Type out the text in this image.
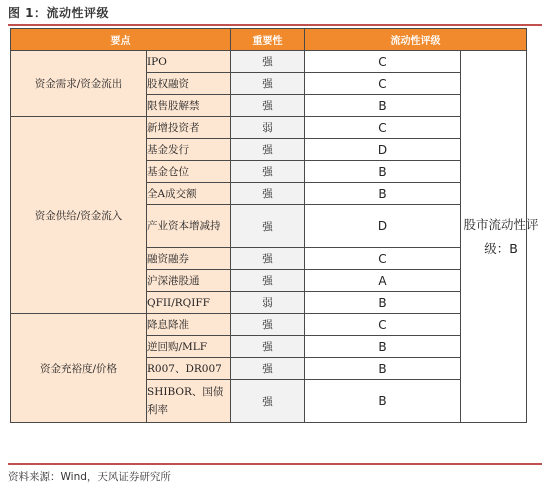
图 1：流动性评级
要点		重要性	流动性评级	
资金需求/资金流出	IPO	强	C	股市流动性评级：B
	股权融资	强	C	
	限售股解禁	强	B	
资金供给/资金流入	新增投资者	弱	C	
	基金发行	强	D	
	基金仓位	强	B	
	全A成交额	强	B	
	产业资本增减持	强	D	
	融资融券	强	C	
	沪深港股通	强	A	
	QFII/RQIFF	弱	B	
资金充裕度/价格	降息降准	强	C	
	逆回购/MLF	强	B	
	R007、DR007	强	B	
	SHIBOR、国债利率	强	B	
资料来源：Wind，天风证券研究所
